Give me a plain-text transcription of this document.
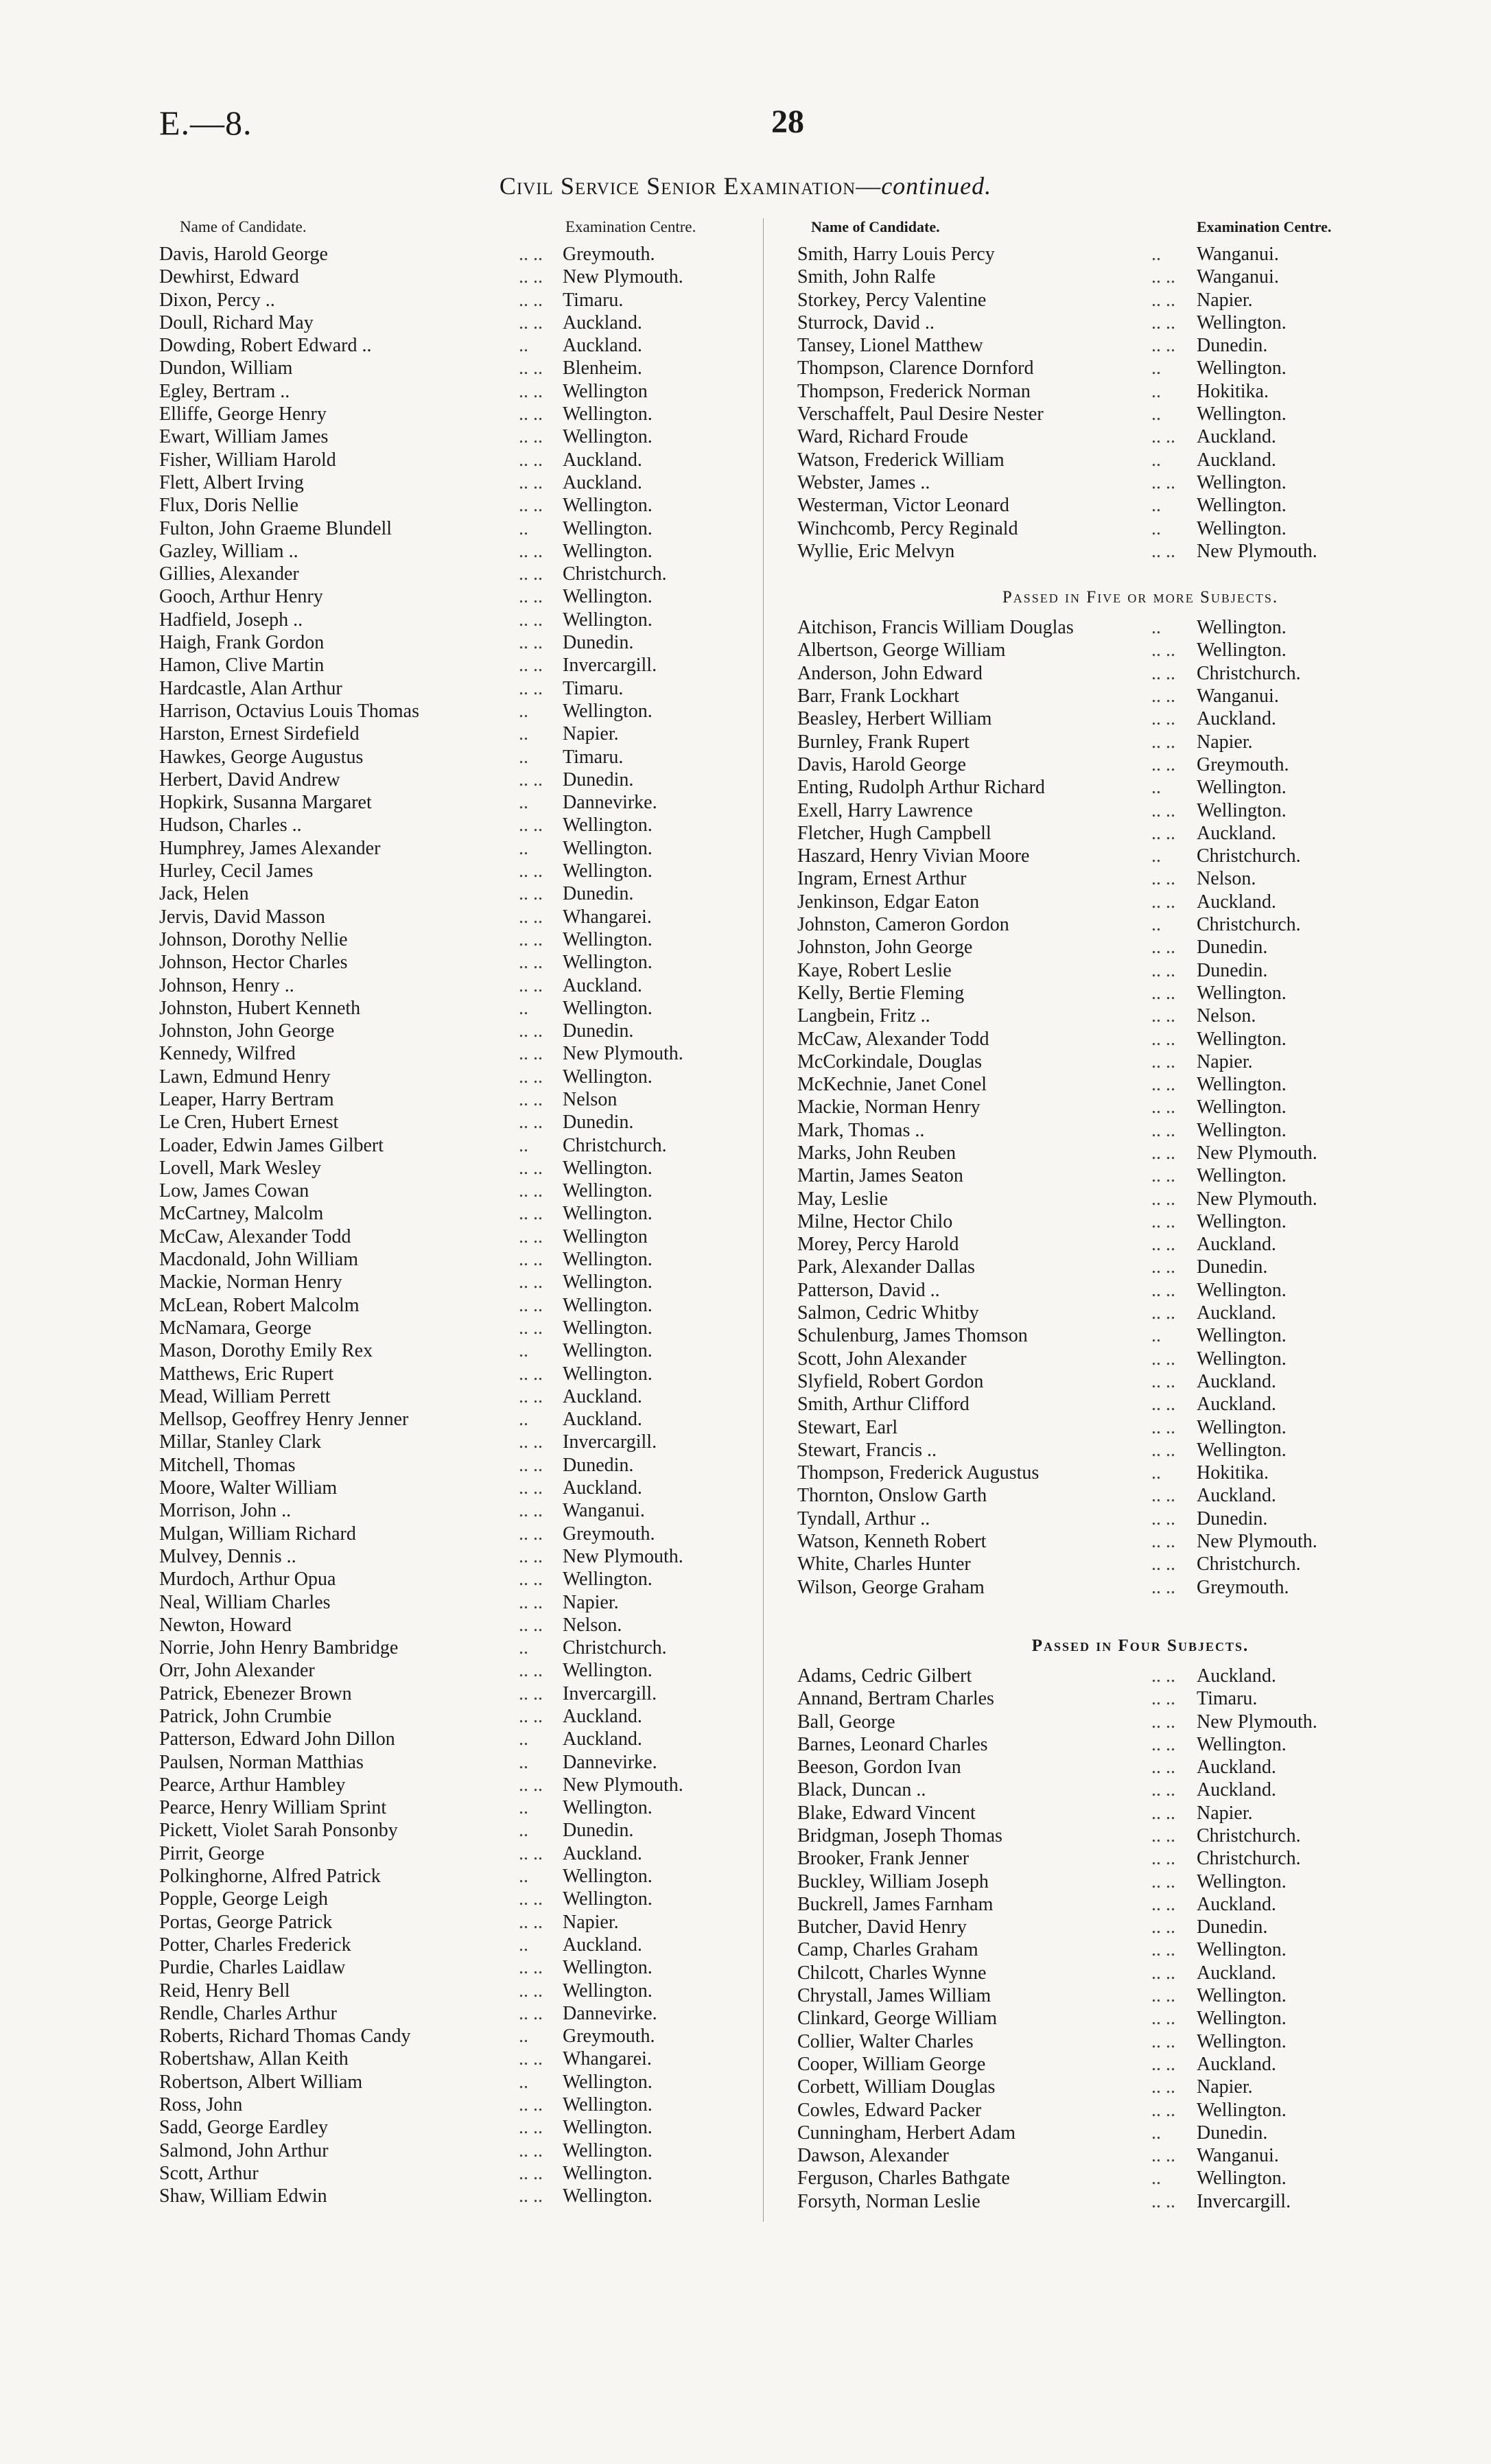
E.—8.	28
Civil Service Senior Examination—continued.
Name of Candidate.	Examination Centre.
Davis, Harold George	.. .. Greymouth.
Dewhirst, Edward	.. .. New Plymouth.
Dixon, Percy ..	.. .. Timaru.
Doull, Richard May	.. .. Auckland.
Dowding, Robert Edward ..	.. Auckland.
Dundon, William	.. .. Blenheim.
Egley, Bertram ..	.. .. Wellington
Elliffe, George Henry	.. .. Wellington.
Ewart, William James	.. .. Wellington.
Fisher, William Harold	.. .. Auckland.
Flett, Albert Irving	.. .. Auckland.
Flux, Doris Nellie	.. .. Wellington.
Fulton, John Graeme Blundell	.. Wellington.
Gazley, William ..	.. .. Wellington.
Gillies, Alexander	.. .. Christchurch.
Gooch, Arthur Henry	.. .. Wellington.
Hadfield, Joseph ..	.. .. Wellington.
Haigh, Frank Gordon	.. .. Dunedin.
Hamon, Clive Martin	.. .. Invercargill.
Hardcastle, Alan Arthur	.. .. Timaru.
Harrison, Octavius Louis Thomas	.. Wellington.
Harston, Ernest Sirdefield	.. Napier.
Hawkes, George Augustus	.. Timaru.
Herbert, David Andrew	.. .. Dunedin.
Hopkirk, Susanna Margaret	.. Dannevirke.
Hudson, Charles ..	.. .. Wellington.
Humphrey, James Alexander	.. Wellington.
Hurley, Cecil James	.. .. Wellington.
Jack, Helen	.. .. Dunedin.
Jervis, David Masson	.. .. Whangarei.
Johnson, Dorothy Nellie	.. .. Wellington.
Johnson, Hector Charles	.. .. Wellington.
Johnson, Henry ..	.. .. Auckland.
Johnston, Hubert Kenneth	.. Wellington.
Johnston, John George	.. .. Dunedin.
Kennedy, Wilfred	.. .. New Plymouth.
Lawn, Edmund Henry	.. .. Wellington.
Leaper, Harry Bertram	.. .. Nelson
Le Cren, Hubert Ernest	.. .. Dunedin.
Loader, Edwin James Gilbert	.. Christchurch.
Lovell, Mark Wesley	.. .. Wellington.
Low, James Cowan	.. .. Wellington.
McCartney, Malcolm	.. .. Wellington.
McCaw, Alexander Todd	.. .. Wellington
Macdonald, John William	.. .. Wellington.
Mackie, Norman Henry	.. .. Wellington.
McLean, Robert Malcolm	.. .. Wellington.
McNamara, George	.. .. Wellington.
Mason, Dorothy Emily Rex	.. Wellington.
Matthews, Eric Rupert	.. .. Wellington.
Mead, William Perrett	.. .. Auckland.
Mellsop, Geoffrey Henry Jenner	.. Auckland.
Millar, Stanley Clark	.. .. Invercargill.
Mitchell, Thomas	.. .. Dunedin.
Moore, Walter William	.. .. Auckland.
Morrison, John ..	.. .. Wanganui.
Mulgan, William Richard	.. .. Greymouth.
Mulvey, Dennis ..	.. .. New Plymouth.
Murdoch, Arthur Opua	.. .. Wellington.
Neal, William Charles	.. .. Napier.
Newton, Howard	.. .. Nelson.
Norrie, John Henry Bambridge	.. Christchurch.
Orr, John Alexander	.. .. Wellington.
Patrick, Ebenezer Brown	.. .. Invercargill.
Patrick, John Crumbie	.. .. Auckland.
Patterson, Edward John Dillon	.. Auckland.
Paulsen, Norman Matthias	.. Dannevirke.
Pearce, Arthur Hambley	.. .. New Plymouth.
Pearce, Henry William Sprint	.. Wellington.
Pickett, Violet Sarah Ponsonby	.. Dunedin.
Pirrit, George	.. .. Auckland.
Polkinghorne, Alfred Patrick	.. Wellington.
Popple, George Leigh	.. .. Wellington.
Portas, George Patrick	.. .. Napier.
Potter, Charles Frederick	.. Auckland.
Purdie, Charles Laidlaw	.. .. Wellington.
Reid, Henry Bell	.. .. Wellington.
Rendle, Charles Arthur	.. .. Dannevirke.
Roberts, Richard Thomas Candy	.. Greymouth.
Robertshaw, Allan Keith	.. .. Whangarei.
Robertson, Albert William	.. Wellington.
Ross, John	.. .. Wellington.
Sadd, George Eardley	.. .. Wellington.
Salmond, John Arthur	.. .. Wellington.
Scott, Arthur	.. .. Wellington.
Shaw, William Edwin	.. .. Wellington.
Name of Candidate.	Examination Centre.
Smith, Harry Louis Percy	.. Wanganui.
Smith, John Ralfe	.. .. Wanganui.
Storkey, Percy Valentine	.. .. Napier.
Sturrock, David ..	.. .. Wellington.
Tansey, Lionel Matthew	.. .. Dunedin.
Thompson, Clarence Dornford	.. Wellington.
Thompson, Frederick Norman	.. Hokitika.
Verschaffelt, Paul Desire Nester	.. Wellington.
Ward, Richard Froude	.. .. Auckland.
Watson, Frederick William	.. Auckland.
Webster, James ..	.. .. Wellington.
Westerman, Victor Leonard	.. Wellington.
Winchcomb, Percy Reginald	.. Wellington.
Wyllie, Eric Melvyn	.. .. New Plymouth.
Passed in Five or more Subjects.
Aitchison, Francis William Douglas	.. Wellington.
Albertson, George William	.. .. Wellington.
Anderson, John Edward	.. .. Christchurch.
Barr, Frank Lockhart	.. .. Wanganui.
Beasley, Herbert William	.. .. Auckland.
Burnley, Frank Rupert	.. .. Napier.
Davis, Harold George	.. .. Greymouth.
Enting, Rudolph Arthur Richard	.. Wellington.
Exell, Harry Lawrence	.. .. Wellington.
Fletcher, Hugh Campbell	.. .. Auckland.
Haszard, Henry Vivian Moore	.. Christchurch.
Ingram, Ernest Arthur	.. .. Nelson.
Jenkinson, Edgar Eaton	.. .. Auckland.
Johnston, Cameron Gordon	.. Christchurch.
Johnston, John George	.. .. Dunedin.
Kaye, Robert Leslie	.. .. Dunedin.
Kelly, Bertie Fleming	.. .. Wellington.
Langbein, Fritz ..	.. .. Nelson.
McCaw, Alexander Todd	.. .. Wellington.
McCorkindale, Douglas	.. .. Napier.
McKechnie, Janet Conel	.. .. Wellington.
Mackie, Norman Henry	.. .. Wellington.
Mark, Thomas ..	.. .. Wellington.
Marks, John Reuben	.. .. New Plymouth.
Martin, James Seaton	.. .. Wellington.
May, Leslie	.. .. New Plymouth.
Milne, Hector Chilo	.. .. Wellington.
Morey, Percy Harold	.. .. Auckland.
Park, Alexander Dallas	.. .. Dunedin.
Patterson, David ..	.. .. Wellington.
Salmon, Cedric Whitby	.. .. Auckland.
Schulenburg, James Thomson	.. Wellington.
Scott, John Alexander	.. .. Wellington.
Slyfield, Robert Gordon	.. .. Auckland.
Smith, Arthur Clifford	.. .. Auckland.
Stewart, Earl	.. .. Wellington.
Stewart, Francis ..	.. .. Wellington.
Thompson, Frederick Augustus	.. Hokitika.
Thornton, Onslow Garth	.. .. Auckland.
Tyndall, Arthur ..	.. .. Dunedin.
Watson, Kenneth Robert	.. .. New Plymouth.
White, Charles Hunter	.. .. Christchurch.
Wilson, George Graham	.. .. Greymouth.
Passed in Four Subjects.
Adams, Cedric Gilbert	.. .. Auckland.
Annand, Bertram Charles	.. .. Timaru.
Ball, George	.. .. New Plymouth.
Barnes, Leonard Charles	.. .. Wellington.
Beeson, Gordon Ivan	.. .. Auckland.
Black, Duncan ..	.. .. Auckland.
Blake, Edward Vincent	.. .. Napier.
Bridgman, Joseph Thomas	.. .. Christchurch.
Brooker, Frank Jenner	.. .. Christchurch.
Buckley, William Joseph	.. .. Wellington.
Buckrell, James Farnham	.. .. Auckland.
Butcher, David Henry	.. .. Dunedin.
Camp, Charles Graham	.. .. Wellington.
Chilcott, Charles Wynne	.. .. Auckland.
Chrystall, James William	.. .. Wellington.
Clinkard, George William	.. .. Wellington.
Collier, Walter Charles	.. .. Wellington.
Cooper, William George	.. .. Auckland.
Corbett, William Douglas	.. .. Napier.
Cowles, Edward Packer	.. .. Wellington.
Cunningham, Herbert Adam	.. Dunedin.
Dawson, Alexander	.. .. Wanganui.
Ferguson, Charles Bathgate	.. Wellington.
Forsyth, Norman Leslie	.. .. Invercargill.
